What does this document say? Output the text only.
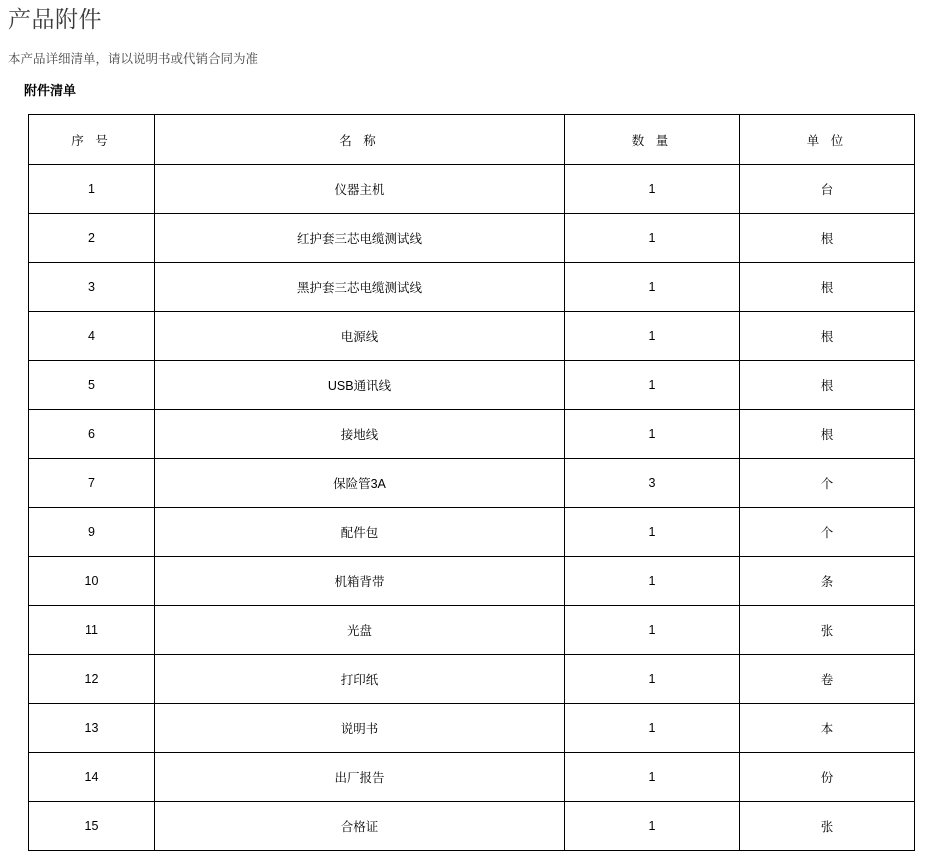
产品附件
本产品详细清单，请以说明书或代销合同为准
附件清单
序 号	名 称	数 量	单 位
1	仪器主机	1	台
2	红护套三芯电缆测试线	1	根
3	黑护套三芯电缆测试线	1	根
4	电源线	1	根
5	USB通讯线	1	根
6	接地线	1	根
7	保险管3A	3	个
9	配件包	1	个
10	机箱背带	1	条
11	光盘	1	张
12	打印纸	1	卷
13	说明书	1	本
14	出厂报告	1	份
15	合格证	1	张
